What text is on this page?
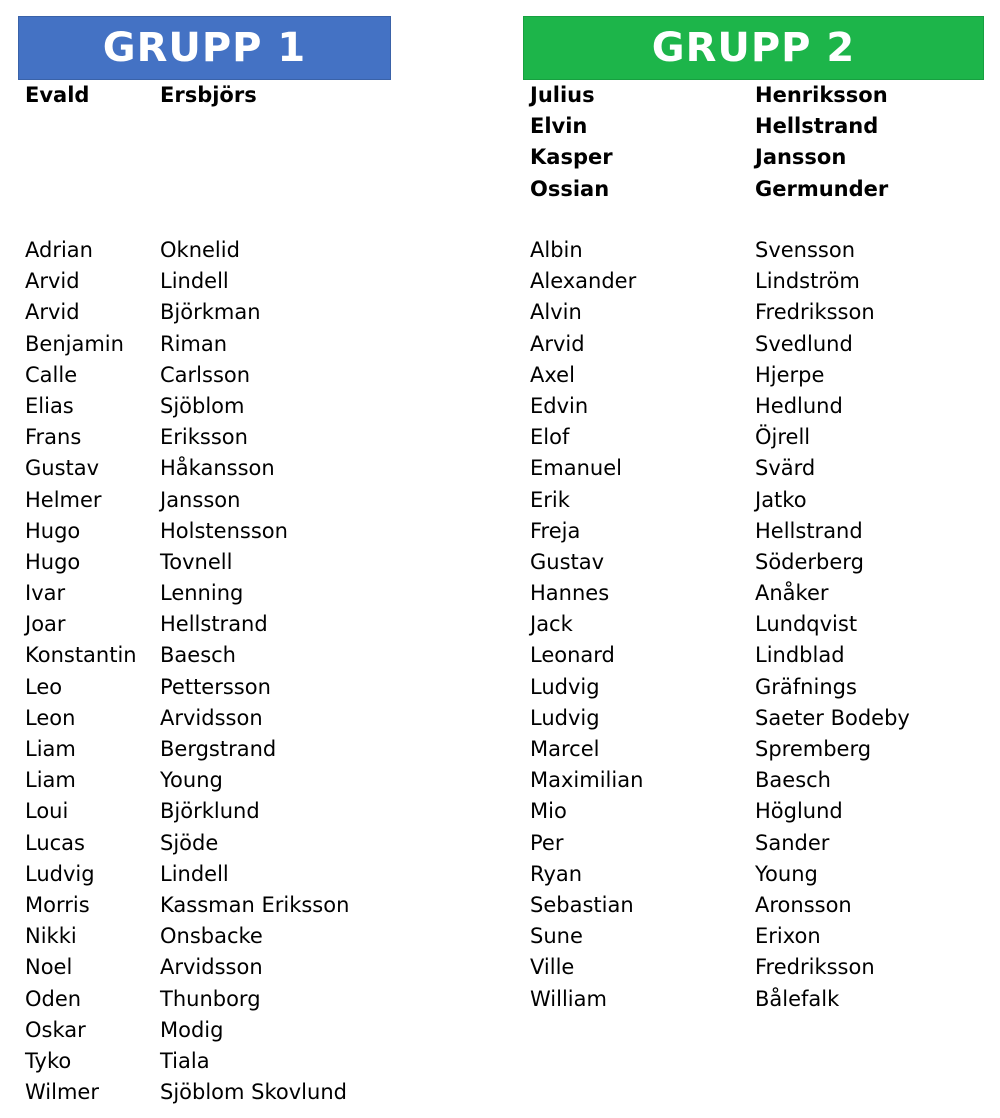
GRUPP 1
Evald	Ersbjörs
Adrian	Oknelid
Arvid	Lindell
Arvid	Björkman
Benjamin	Riman
Calle	Carlsson
Elias	Sjöblom
Frans	Eriksson
Gustav	Håkansson
Helmer	Jansson
Hugo	Holstensson
Hugo	Tovnell
Ivar	Lenning
Joar	Hellstrand
Konstantin	Baesch
Leo	Pettersson
Leon	Arvidsson
Liam	Bergstrand
Liam	Young
Loui	Björklund
Lucas	Sjöde
Ludvig	Lindell
Morris	Kassman Eriksson
Nikki	Onsbacke
Noel	Arvidsson
Oden	Thunborg
Oskar	Modig
Tyko	Tiala
Wilmer	Sjöblom Skovlund
GRUPP 2
Julius	Henriksson
Elvin	Hellstrand
Kasper	Jansson
Ossian	Germunder
Albin	Svensson
Alexander	Lindström
Alvin	Fredriksson
Arvid	Svedlund
Axel	Hjerpe
Edvin	Hedlund
Elof	Öjrell
Emanuel	Svärd
Erik	Jatko
Freja	Hellstrand
Gustav	Söderberg
Hannes	Anåker
Jack	Lundqvist
Leonard	Lindblad
Ludvig	Gräfnings
Ludvig	Saeter Bodeby
Marcel	Spremberg
Maximilian	Baesch
Mio	Höglund
Per	Sander
Ryan	Young
Sebastian	Aronsson
Sune	Erixon
Ville	Fredriksson
William	Bålefalk
